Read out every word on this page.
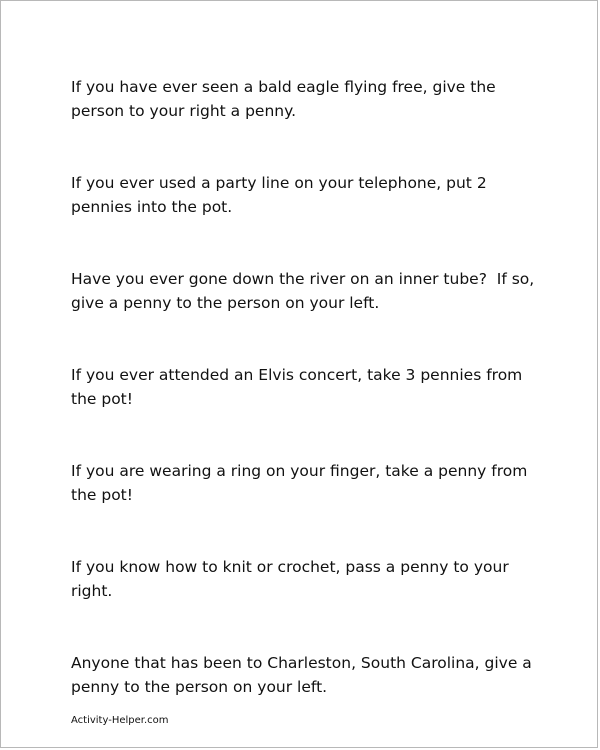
If you have ever seen a bald eagle flying free, give the person to your right a penny.
If you ever used a party line on your telephone, put 2 pennies into the pot.
Have you ever gone down the river on an inner tube?  If so, give a penny to the person on your left.
If you ever attended an Elvis concert, take 3 pennies from the pot!
If you are wearing a ring on your finger, take a penny from the pot!
If you know how to knit or crochet, pass a penny to your right.
Anyone that has been to Charleston, South Carolina, give a penny to the person on your left.
Activity-Helper.com
